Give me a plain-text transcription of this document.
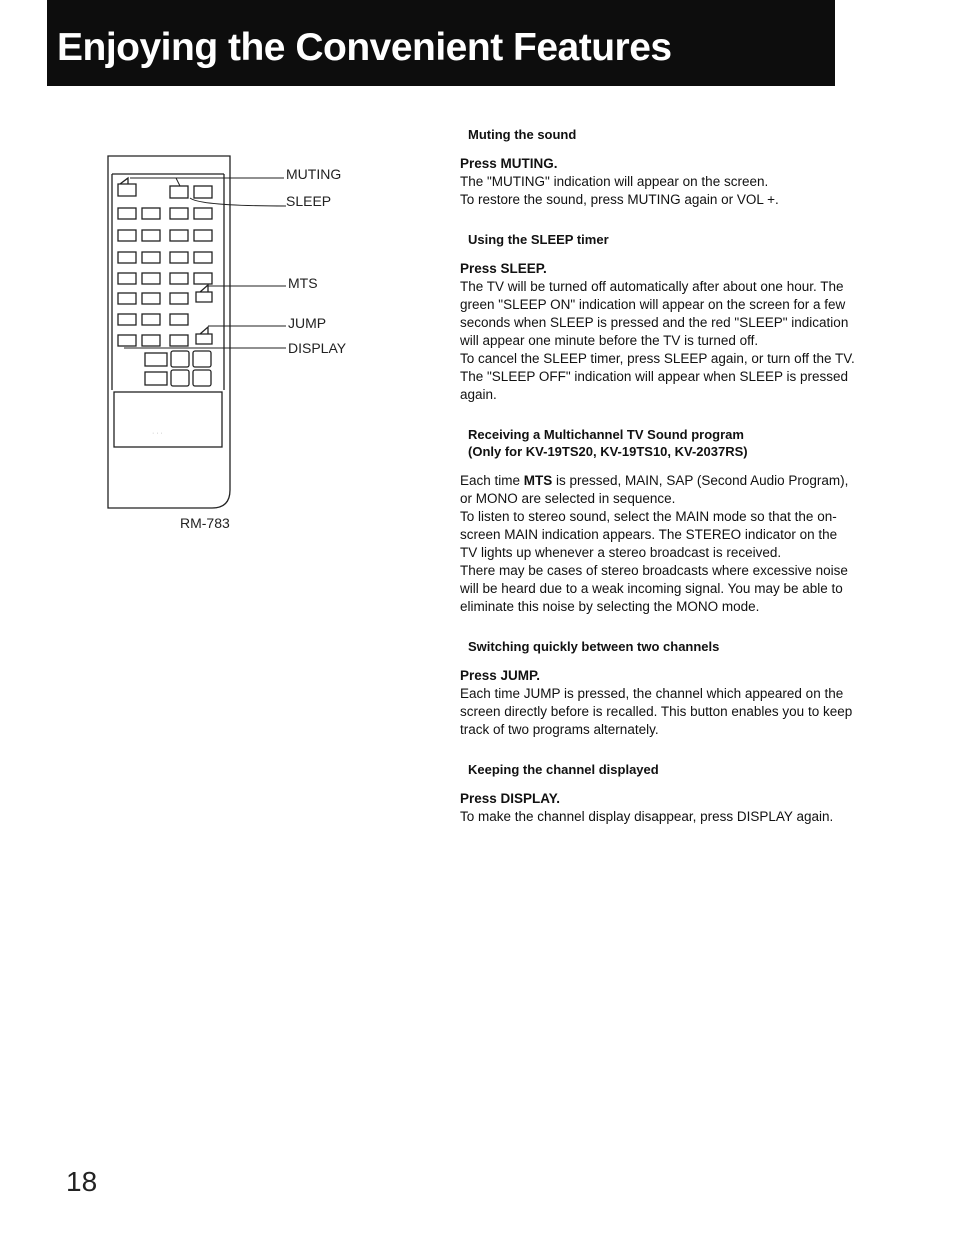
Enjoying the Convenient Features
· · ·
MUTING
SLEEP
MTS
JUMP
DISPLAY
RM-783

Muting the sound

Press MUTING.

The "MUTING" indication will appear on the screen.

To restore the sound, press MUTING again or VOL +.

Using the SLEEP timer

Press SLEEP.

The TV will be turned off automatically after about one hour. The green "SLEEP ON" indication will appear on the screen for a few seconds when SLEEP is pressed and the red "SLEEP" indication will appear one minute before the TV is turned off.

To cancel the SLEEP timer, press SLEEP again, or turn off the TV. The "SLEEP OFF" indication will appear when SLEEP is pressed again.

Receiving a Multichannel TV Sound program
(Only for KV-19TS20, KV-19TS10, KV-2037RS)

Each time MTS is pressed, MAIN, SAP (Second Audio Program), or MONO are selected in sequence.

To listen to stereo sound, select the MAIN mode so that the on-screen MAIN indication appears. The STEREO indicator on the TV lights up whenever a stereo broadcast is received.

There may be cases of stereo broadcasts where excessive noise will be heard due to a weak incoming signal. You may be able to eliminate this noise by selecting the MONO mode.

Switching quickly between two channels

Press JUMP.

Each time JUMP is pressed, the channel which appeared on the screen directly before is recalled. This button enables you to keep track of two programs alternately.

Keeping the channel displayed

Press DISPLAY.

To make the channel display disappear, press DISPLAY again.

18
